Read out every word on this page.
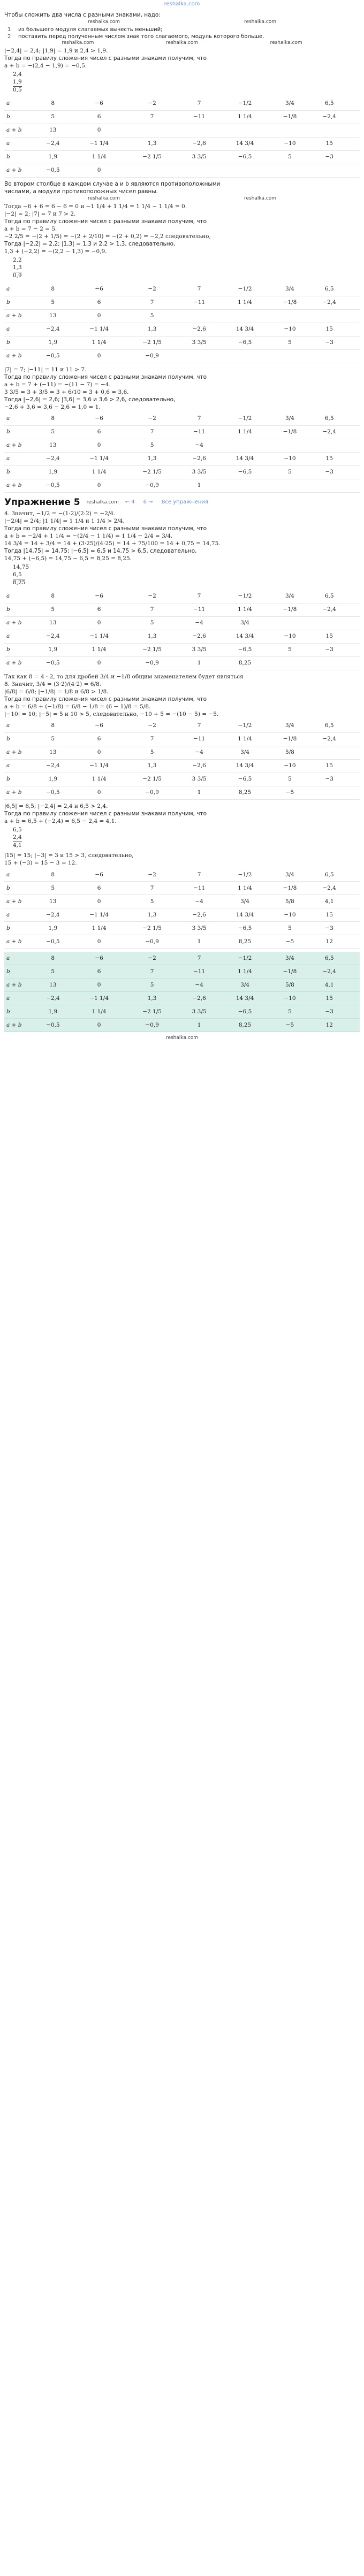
reshalka.com
Чтобы сложить два числа с разными знаками, надо:
reshalka.com	reshalka.com
1	из большего модуля слагаемых вычесть меньший;
2	поставить перед полученным числом знак того слагаемого, модуль которого больше.
reshalka.com	reshalka.com	reshalka.com
|−2,4| = 2,4; |1,9| = 1,9 и 2,4 > 1,9.
Тогда по правилу сложения чисел с разными знаками получим, что
a + b = −(2,4 − 1,9) = −0,5.
2,4
1,9
0,5
a	8	−6	−2	7	−1/2	3/4	6,5		
b	5	6	7	−11	1 1/4	−1/8	−2,4		
a + b	13	0							
a	−2,4	−1 1/4	1,3	−2,6	14 3/4	−10	15		
b	1,9	1 1/4	−2 1/5	3 3/5	−6,5	5	−3		
a + b	−0,5	0							
Во втором столбце в каждом случае a и b являются противоположными
числами, а модули противоположных чисел равны.
reshalka.com	reshalka.com
Тогда −6 + 6 = 6 − 6 = 0 и −1 1/4 + 1 1/4 = 1 1/4 − 1 1/4 = 0.
|−2| = 2; |7| = 7 и 7 > 2.
Тогда по правилу сложения чисел с разными знаками получим, что
a + b = 7 − 2 = 5.
−2 2/5 = −(2 + 1/5) = −(2 + 2/10) = −(2 + 0,2) = −2,2 следовательно,
Тогда |−2,2| = 2,2; |1,3| = 1,3 и 2,2 > 1,3, следовательно,
1,3 + (−2,2) = −(2,2 − 1,3) = −0,9.
2,2
1,3
0,9
a	8	−6	−2	7	−1/2	3/4	6,5		
b	5	6	7	−11	1 1/4	−1/8	−2,4		
a + b	13	0	5						
a	−2,4	−1 1/4	1,3	−2,6	14 3/4	−10	15		
b	1,9	1 1/4	−2 1/5	3 3/5	−6,5	5	−3		
a + b	−0,5	0	−0,9						
|7| = 7; |−11| = 11 и 11 > 7.
Тогда по правилу сложения чисел с разными знаками получим, что
a + b = 7 + (−11) = −(11 − 7) = −4.
3 3/5 = 3 + 3/5 = 3 + 6/10 = 3 + 0,6 = 3,6.
Тогда |−2,6| = 2,6; |3,6| = 3,6 и 3,6 > 2,6, следовательно,
−2,6 + 3,6 = 3,6 − 2,6 = 1,0 = 1.
a	8	−6	−2	7	−1/2	3/4	6,5		
b	5	6	7	−11	1 1/4	−1/8	−2,4		
a + b	13	0	5	−4					
a	−2,4	−1 1/4	1,3	−2,6	14 3/4	−10	15		
b	1,9	1 1/4	−2 1/5	3 3/5	−6,5	5	−3		
a + b	−0,5	0	−0,9	1					
Упражнение 5 reshalka.com ← 4 6 → Все упражнения
4. Значит, −1/2 = −(1·2)/(2·2) = −2/4.
|−2/4| = 2/4; |1 1/4| = 1 1/4 и 1 1/4 > 2/4.
Тогда по правилу сложения чисел с разными знаками получим, что
a + b = −2/4 + 1 1/4 = −(2/4 − 1 1/4) = 1 1/4 − 2/4 = 3/4.
14 3/4 = 14 + 3/4 = 14 + (3·25)/(4·25) = 14 + 75/100 = 14 + 0,75 = 14,75.
Тогда |14,75| = 14,75; |−6,5| = 6,5 и 14,75 > 6,5, следовательно,
14,75 + (−6,5) = 14,75 − 6,5 = 8,25 = 8,25.
14,75
6,5
8,25
a	8	−6	−2	7	−1/2	3/4	6,5		
b	5	6	7	−11	1 1/4	−1/8	−2,4		
a + b	13	0	5	−4	3/4				
a	−2,4	−1 1/4	1,3	−2,6	14 3/4	−10	15		
b	1,9	1 1/4	−2 1/5	3 3/5	−6,5	5	−3		
a + b	−0,5	0	−0,9	1	8,25				
Так как 8 = 4 · 2, то для дробей 3/4 и −1/8 общим знаменателем будет являться
8. Значит, 3/4 = (3·2)/(4·2) = 6/8.
|6/8| = 6/8; |−1/8| = 1/8 и 6/8 > 1/8.
Тогда по правилу сложения чисел с разными знаками получим, что
a + b = 6/8 + (−1/8) = 6/8 − 1/8 = (6 − 1)/8 = 5/8.
|−10| = 10; |−5| = 5 и 10 > 5, следовательно, −10 + 5 = −(10 − 5) = −5.
a	8	−6	−2	7	−1/2	3/4	6,5		
b	5	6	7	−11	1 1/4	−1/8	−2,4		
a + b	13	0	5	−4	3/4	5/8			
a	−2,4	−1 1/4	1,3	−2,6	14 3/4	−10	15		
b	1,9	1 1/4	−2 1/5	3 3/5	−6,5	5	−3		
a + b	−0,5	0	−0,9	1	8,25	−5			
|6,5| = 6,5; |−2,4| = 2,4 и 6,5 > 2,4.
Тогда по правилу сложения чисел с разными знаками получим, что
a + b = 6,5 + (−2,4) = 6,5 − 2,4 = 4,1.
6,5
2,4
4,1
|15| = 15; |−3| = 3 и 15 > 3, следовательно,
15 + (−3) = 15 − 3 = 12.
a	8	−6	−2	7	−1/2	3/4	6,5		
b	5	6	7	−11	1 1/4	−1/8	−2,4		
a + b	13	0	5	−4	3/4	5/8	4,1		
a	−2,4	−1 1/4	1,3	−2,6	14 3/4	−10	15		
b	1,9	1 1/4	−2 1/5	3 3/5	−6,5	5	−3		
a + b	−0,5	0	−0,9	1	8,25	−5	12		
a	8	−6	−2	7	−1/2	3/4	6,5		
b	5	6	7	−11	1 1/4	−1/8	−2,4		
a + b	13	0	5	−4	3/4	5/8	4,1		
a	−2,4	−1 1/4	1,3	−2,6	14 3/4	−10	15		
b	1,9	1 1/4	−2 1/5	3 3/5	−6,5	5	−3		
a + b	−0,5	0	−0,9	1	8,25	−5	12		
reshalka.com
